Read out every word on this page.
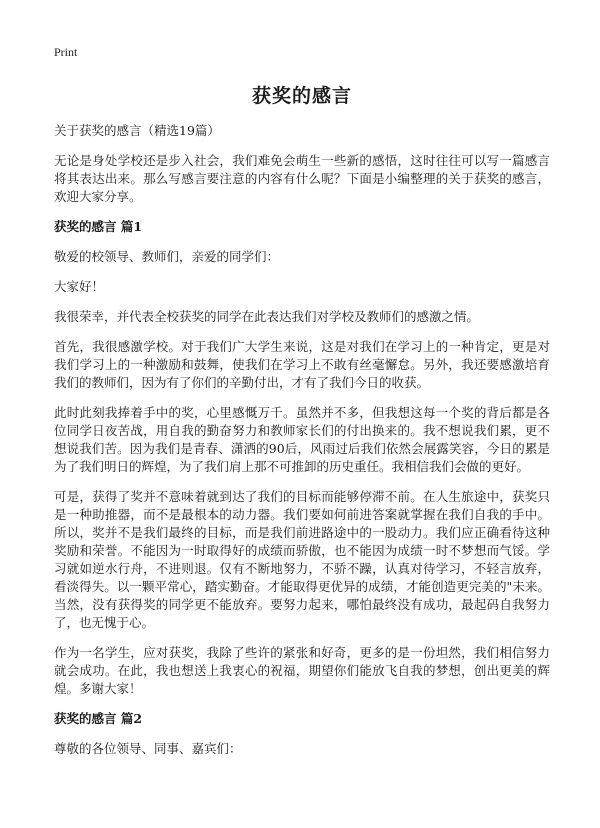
Print
获奖的感言
关于获奖的感言（精选19篇）

无论是身处学校还是步入社会，我们难免会萌生一些新的感悟，这时往往可以写一篇感言将其表达出来。那么写感言要注意的内容有什么呢？下面是小编整理的关于获奖的感言，欢迎大家分享。

获奖的感言 篇1

敬爱的校领导、教师们，亲爱的同学们：

大家好！

我很荣幸，并代表全校获奖的同学在此表达我们对学校及教师们的感激之情。

首先，我很感激学校。对于我们广大学生来说，这是对我们在学习上的一种肯定，更是对我们学习上的一种激励和鼓舞，使我们在学习上不敢有丝毫懈怠。另外，我还要感激培育我们的教师们，因为有了你们的辛勤付出，才有了我们今日的收获。

此时此刻我捧着手中的奖，心里感慨万千。虽然并不多，但我想这每一个奖的背后都是各位同学日夜苦战，用自我的勤奋努力和教师家长们的付出换来的。我不想说我们累，更不想说我们苦。因为我们是青春、潇洒的90后，风雨过后我们依然会展露笑容，今日的累是为了我们明日的辉煌，为了我们肩上那不可推卸的历史重任。我相信我们会做的更好。

可是，获得了奖并不意味着就到达了我们的目标而能够停滞不前。在人生旅途中，获奖只是一种助推器，而不是最根本的动力器。我们要如何前进答案就掌握在我们自我的手中。所以，奖并不是我们最终的目标，而是我们前进路途中的一股动力。我们应正确看待这种奖励和荣誉。不能因为一时取得好的成绩而骄傲，也不能因为成绩一时不梦想而气馁。学习就如逆水行舟，不进则退。仅有不断地努力，不骄不躁，认真对待学习，不轻言放弃，看淡得失。以一颗平常心，踏实勤奋。才能取得更优异的成绩，才能创造更完美的"未来。当然，没有获得奖的同学更不能放弃。要努力起来，哪怕最终没有成功，最起码自我努力了，也无愧于心。

作为一名学生，应对获奖，我除了些许的紧张和好奇，更多的是一份坦然，我们相信努力就会成功。在此，我也想送上我衷心的祝福，期望你们能放飞自我的梦想，创出更美的辉煌。多谢大家！

获奖的感言 篇2

尊敬的各位领导、同事、嘉宾们：
